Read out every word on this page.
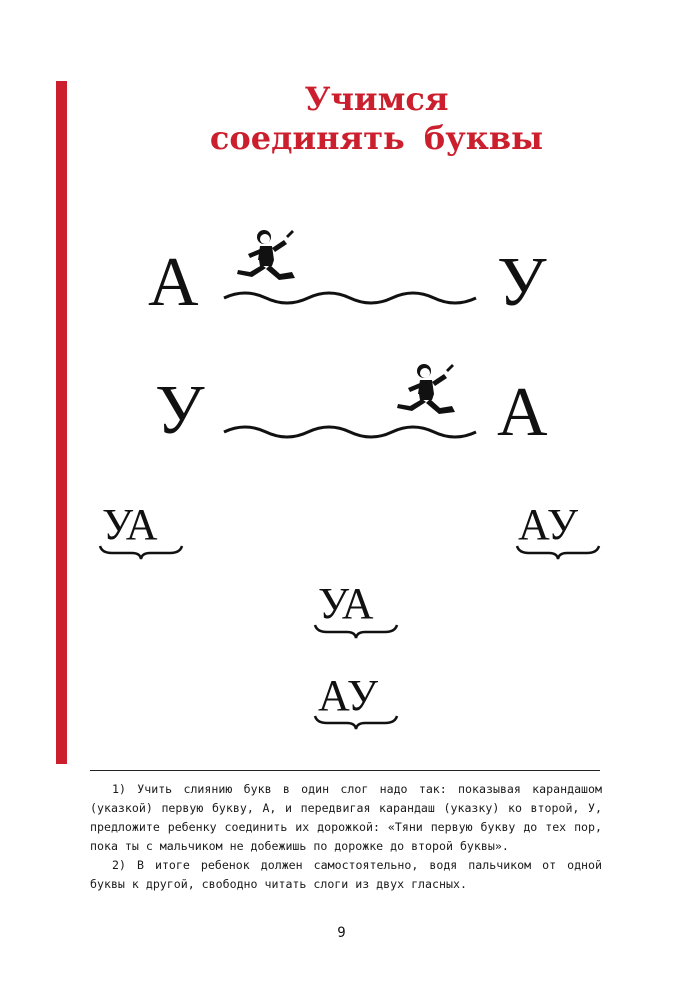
Учимся
соединять буквы
А	У
У	А
УА	АУ
УА
АУ

1) Учить слиянию букв в один слог надо так: показывая карандашом (указкой) первую букву, А, и передвигая карандаш (указку) ко второй, У, предложите ребенку соединить их дорожкой: «Тяни первую букву до тех пор, пока ты с мальчиком не добежишь по дорожке до второй буквы».

2) В итоге ребенок должен самостоятельно, водя пальчиком от одной буквы к другой, свободно читать слоги из двух гласных.

9
